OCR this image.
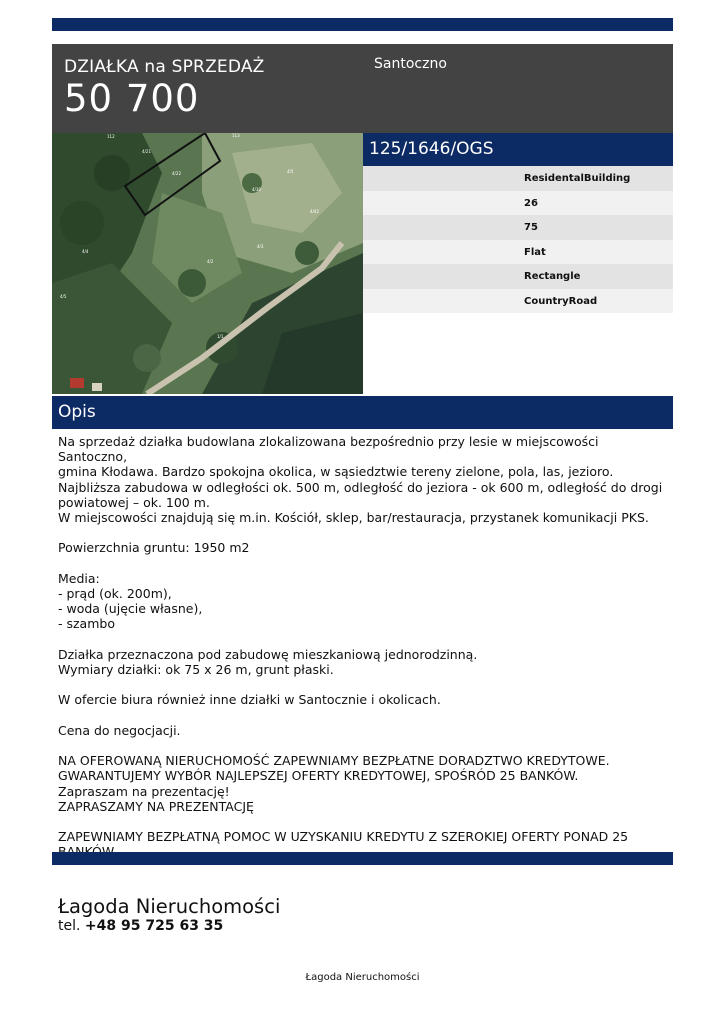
DZIAŁKA na SPRZEDAŻ
50 700
Santoczno
112
4/21
4/22
113
4/30
4/5
4/42
4/3
4/2
4/4
4/5
1/1
125/1646/OGS
ResidentalBuilding
26
75
Flat
Rectangle
CountryRoad
Opis

Na sprzedaż działka budowlana zlokalizowana bezpośrednio przy lesie w miejscowości Santoczno,

gmina Kłodawa. Bardzo spokojna okolica, w sąsiedztwie tereny zielone, pola, las, jezioro.

Najbliższa zabudowa w odległości ok. 500 m, odległość do jeziora - ok 600 m, odległość do drogi

powiatowej – ok. 100 m.

W miejscowości znajdują się m.in. Kościół, sklep, bar/restauracja, przystanek komunikacji PKS.

Powierzchnia gruntu: 1950 m2

Media:

- prąd (ok. 200m),

- woda (ujęcie własne),

- szambo

Działka przeznaczona pod zabudowę mieszkaniową jednorodzinną.

Wymiary działki: ok 75 x 26 m, grunt płaski.

W ofercie biura również inne działki w Santocznie i okolicach.

Cena do negocjacji.

NA OFEROWANĄ NIERUCHOMOŚĆ ZAPEWNIAMY BEZPŁATNE DORADZTWO KREDYTOWE.

GWARANTUJEMY WYBÓR NAJLEPSZEJ OFERTY KREDYTOWEJ, SPOŚRÓD 25 BANKÓW.

Zapraszam na prezentację!

ZAPRASZAMY NA PREZENTACJĘ

ZAPEWNIAMY BEZPŁATNĄ POMOC W UZYSKANIU KREDYTU Z SZEROKIEJ OFERTY PONAD 25

Łagoda Nieruchomości
tel. +48 95 725 63 35
Łagoda Nieruchomości
